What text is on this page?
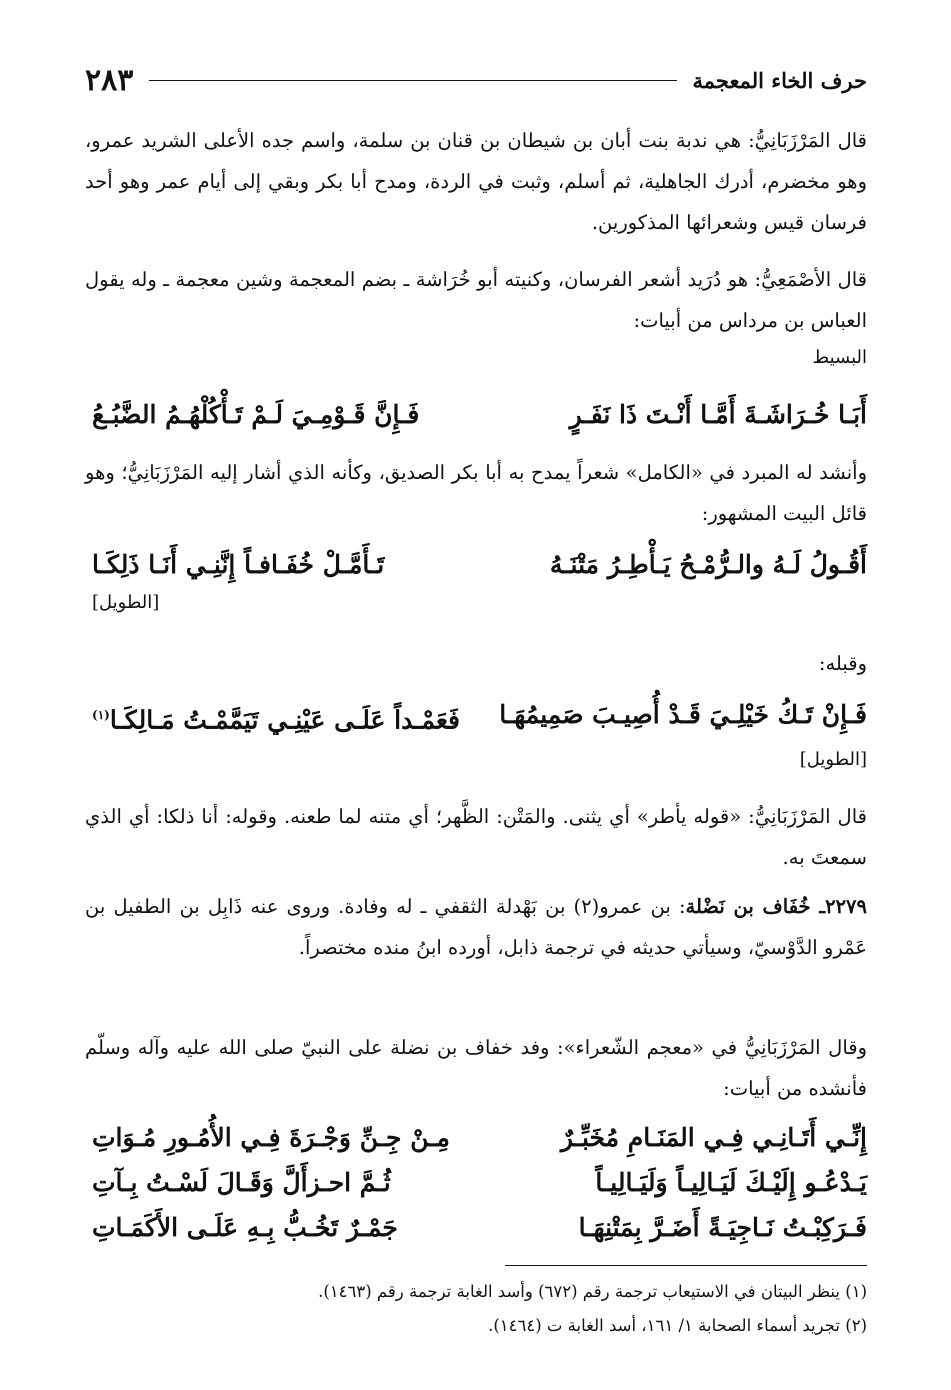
حرف الخاء المعجمة
٢٨٣
قال المَرْزَبَانِيُّ: هي ندبة بنت أبان بن شيطان بن قنان بن سلمة، واسم جده الأعلى الشريد عمرو، وهو مخضرم، أدرك الجاهلية، ثم أسلم، وثبت في الردة، ومدح أبا بكر وبقي إلى أيام عمر وهو أحد فرسان قيس وشعرائها المذكورين.
قال الأصْمَعِيُّ: هو دُرَيد أشعر الفرسان، وكنيته أبو خُرَاشة ـ بضم المعجمة وشين معجمة ـ وله يقول العباس بن مرداس من أبيات:
البسيط
أَبَـا خُـرَاشَـةَ أَمَّـا أَنْـتَ ذَا نَفَـرٍ
فَـإِنَّ قَـوْمِـيَ لَـمْ تَـأْكُلْهُـمُ الضَّبُـعُ
وأنشد له المبرد في «الكامل» شعراً يمدح به أبا بكر الصديق، وكأنه الذي أشار إليه المَرْزَبَانِيُّ؛ وهو قائل البيت المشهور:
أَقُـولُ لَـهُ والـرُّمْـحُ يَـأْطِـرُ مَتْنَـهُ
تَـأَمَّـلْ خُفَـافـاً إِنَّنِـي أَنَـا ذَلِكَـا
[الطويل]
وقبله:
فَـإِنْ تَـكُ خَيْلِـيَ قَـدْ أُصِيـبَ صَمِيمُهَـا
فَعَمْـداً عَلَـى عَيْنِـي تَيَمَّمْـتُ مَـالِكَـا$^{(١)}$
[الطويل]
قال المَرْزَبَانِيُّ: «قوله يأطر» أي يثنى. والمَتْن: الظَّهر؛ أي متنه لما طعنه. وقوله: أنا ذلكا: أي الذي سمعتَ به.
٢٢٧٩ـ خُفَاف بن نَضْلة: بن عمرو(٢) بن بَهْدلة الثقفي ـ له وفادة. وروى عنه ذَابِل بن الطفيل بن عَمْرو الدَّوْسيّ، وسيأتي حديثه في ترجمة ذابل، أورده ابنُ منده مختصراً.
وقال المَرْزَبَانِيُّ في «معجم الشّعراء»: وفد خفاف بن نضلة على النبيّ صلى الله عليه وآله وسلّم فأنشده من أبيات:
إِنِّـي أَتَـانِـي فِـي المَنَـامِ مُخَبِّـرٌ
مِـنْ جِـنِّ وَجْـرَةَ فِـي الأُمُـورِ مُـوَاتِ
يَـدْعُـو إِلَيْـكَ لَيَـالِيـاً وَلَيَـالِيـاً
ثُـمَّ احـزأَلَّ وَقَـالَ لَسْـتُ بِـآتِ
فَـرَكِبْـتُ نَـاجِيَـةً أَضَـرَّ بِمَتْنِهَـا
جَمْـرٌ تَخُـبُّ بِـهِ عَلَـى الأَكَمَـاتِ
(١) ينظر البيتان في الاستيعاب ترجمة رقم (٦٧٢) وأسد الغابة ترجمة رقم (١٤٦٣).
(٢) تجريد أسماء الصحابة ١/ ١٦١، أسد الغابة ت (١٤٦٤).
